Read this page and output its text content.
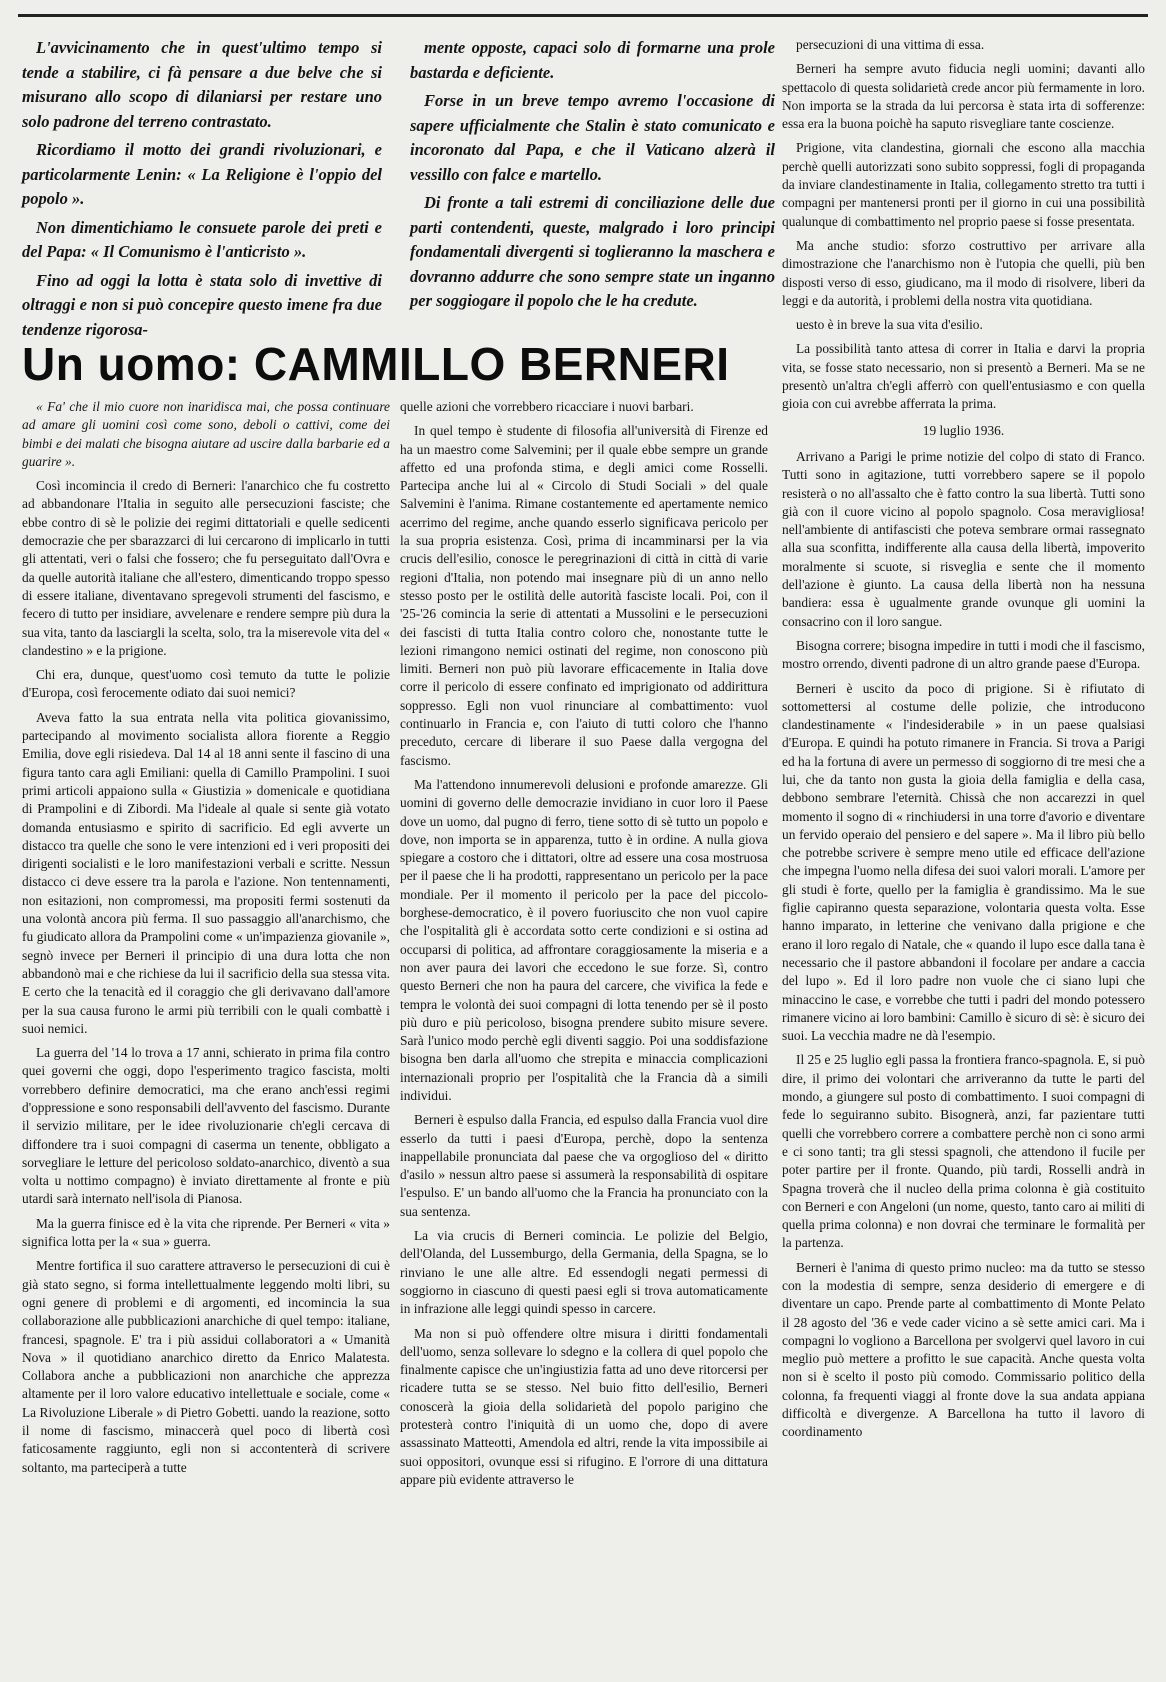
L'avvicinamento che in quest'ultimo tempo si tende a stabilire, ci fà pensare a due belve che si misurano allo scopo di dilaniarsi per restare uno solo padrone del terreno contrastato.

Ricordiamo il motto dei grandi rivoluzionari, e particolarmente Lenin: « La Religione è l'oppio del popolo ».

Non dimentichiamo le consuete parole dei preti e del Papa: « Il Comunismo è l'anticristo ».

Fino ad oggi la lotta è stata solo di invettive di oltraggi e non si può concepire questo imene fra due tendenze rigorosa-

mente opposte, capaci solo di formarne una prole bastarda e deficiente.

Forse in un breve tempo avremo l'occasione di sapere ufficialmente che Stalin è stato comunicato e incoronato dal Papa, e che il Vaticano alzerà il vessillo con falce e martello.

Di fronte a tali estremi di conciliazione delle due parti contendenti, queste, malgrado i loro principi fondamentali divergenti si toglieranno la maschera e dovranno addurre che sono sempre state un inganno per soggiogare il popolo che le ha credute.

persecuzioni di una vittima di essa.

Berneri ha sempre avuto fiducia negli uomini; davanti allo spettacolo di questa solidarietà crede ancor più fermamente in loro. Non importa se la strada da lui percorsa è stata irta di sofferenze: essa era la buona poichè ha saputo risvegliare tante coscienze.

Prigione, vita clandestina, giornali che escono alla macchia perchè quelli autorizzati sono subito soppressi, fogli di propaganda da inviare clandestinamente in Italia, collegamento stretto tra tutti i compagni per mantenersi pronti per il giorno in cui una possibilità qualunque di combattimento nel proprio paese si fosse presentata.

Ma anche studio: sforzo costruttivo per arrivare alla dimostrazione che l'anarchismo non è l'utopia che quelli, più ben disposti verso di esso, giudicano, ma il modo di risolvere, liberi da leggi e da autorità, i problemi della nostra vita quotidiana.

uesto è in breve la sua vita d'esilio.

La possibilità tanto attesa di correr in Italia e darvi la propria vita, se fosse stato necessario, non si presentò a Berneri. Ma se ne presentò un'altra ch'egli afferrò con quell'entusiasmo e con quella gioia con cui avrebbe afferrata la prima.

19 luglio 1936.

Arrivano a Parigi le prime notizie del colpo di stato di Franco. Tutti sono in agitazione, tutti vorrebbero sapere se il popolo resisterà o no all'assalto che è fatto contro la sua libertà. Tutti sono già con il cuore vicino al popolo spagnolo. Cosa meravigliosa! nell'ambiente di antifascisti che poteva sembrare ormai rassegnato alla sua sconfitta, indifferente alla causa della libertà, impoverito moralmente si scuote, si risveglia e sente che il momento dell'azione è giunto. La causa della libertà non ha nessuna bandiera: essa è ugualmente grande ovunque gli uomini la consacrino con il loro sangue.

Bisogna correre; bisogna impedire in tutti i modi che il fascismo, mostro orrendo, diventi padrone di un altro grande paese d'Europa.

Berneri è uscito da poco di prigione. Si è rifiutato di sottomettersi al costume delle polizie, che introducono clandestinamente « l'indesiderabile » in un paese qualsiasi d'Europa. E quindi ha potuto rimanere in Francia. Si trova a Parigi ed ha la fortuna di avere un permesso di soggiorno di tre mesi che a lui, che da tanto non gusta la gioia della famiglia e della casa, debbono sembrare l'eternità. Chissà che non accarezzi in quel momento il sogno di « rinchiudersi in una torre d'avorio e diventare un fervido operaio del pensiero e del sapere ». Ma il libro più bello che potrebbe scrivere è sempre meno utile ed efficace dell'azione che impegna l'uomo nella difesa dei suoi valori morali. L'amore per gli studi è forte, quello per la famiglia è grandissimo. Ma le sue figlie capiranno questa separazione, volontaria questa volta. Esse hanno imparato, in letterine che venivano dalla prigione e che erano il loro regalo di Natale, che « quando il lupo esce dalla tana è necessario che il pastore abbandoni il focolare per andare a caccia del lupo ». Ed il loro padre non vuole che ci siano lupi che minaccino le case, e vorrebbe che tutti i padri del mondo potessero rimanere vicino ai loro bambini: Camillo è sicuro di sè: è sicuro dei suoi. La vecchia madre ne dà l'esempio.

Il 25 e 25 luglio egli passa la frontiera franco-spagnola. E, si può dire, il primo dei volontari che arriveranno da tutte le parti del mondo, a giungere sul posto di combattimento. I suoi compagni di fede lo seguiranno subito. Bisognerà, anzi, far pazientare tutti quelli che vorrebbero correre a combattere perchè non ci sono armi e ci sono tanti; tra gli stessi spagnoli, che attendono il fucile per poter partire per il fronte. Quando, più tardi, Rosselli andrà in Spagna troverà che il nucleo della prima colonna è già costituito con Berneri e con Angeloni (un nome, questo, tanto caro ai militi di quella prima colonna) e non dovrai che terminare le formalità per la partenza.

Berneri è l'anima di questo primo nucleo: ma da tutto se stesso con la modestia di sempre, senza desiderio di emergere e di diventare un capo. Prende parte al combattimento di Monte Pelato il 28 agosto del '36 e vede cader vicino a sè sette amici cari. Ma i compagni lo vogliono a Barcellona per svolgervi quel lavoro in cui meglio può mettere a profitto le sue capacità. Anche questa volta non si è scelto il posto più comodo. Commissario politico della colonna, fa frequenti viaggi al fronte dove la sua andata appiana difficoltà e divergenze. A Barcellona ha tutto il lavoro di coordinamento

Un uomo: CAMMILLO BERNERI

« Fa' che il mio cuore non inaridisca mai, che possa continuare ad amare gli uomini così come sono, deboli o cattivi, come dei bimbi e dei malati che bisogna aiutare ad uscire dalla barbarie ed a guarire ».

Così incomincia il credo di Berneri: l'anarchico che fu costretto ad abbandonare l'Italia in seguito alle persecuzioni fasciste; che ebbe contro di sè le polizie dei regimi dittatoriali e quelle sedicenti democrazie che per sbarazzarci di lui cercarono di implicarlo in tutti gli attentati, veri o falsi che fossero; che fu perseguitato dall'Ovra e da quelle autorità italiane che all'estero, dimenticando troppo spesso di essere italiane, diventavano spregevoli strumenti del fascismo, e fecero di tutto per insidiare, avvelenare e rendere sempre più dura la sua vita, tanto da lasciargli la scelta, solo, tra la miserevole vita del « clandestino » e la prigione.

Chi era, dunque, quest'uomo così temuto da tutte le polizie d'Europa, così ferocemente odiato dai suoi nemici?

Aveva fatto la sua entrata nella vita politica giovanissimo, partecipando al movimento socialista allora fiorente a Reggio Emilia, dove egli risiedeva. Dal 14 al 18 anni sente il fascino di una figura tanto cara agli Emiliani: quella di Camillo Prampolini. I suoi primi articoli appaiono sulla « Giustizia » domenicale e quotidiana di Prampolini e di Zibordi. Ma l'ideale al quale si sente già votato domanda entusiasmo e spirito di sacrificio. Ed egli avverte un distacco tra quelle che sono le vere intenzioni ed i veri propositi dei dirigenti socialisti e le loro manifestazioni verbali e scritte. Nessun distacco ci deve essere tra la parola e l'azione. Non tentennamenti, non esitazioni, non compromessi, ma propositi fermi sostenuti da una volontà ancora più ferma. Il suo passaggio all'anarchismo, che fu giudicato allora da Prampolini come « un'impazienza giovanile », segnò invece per Berneri il principio di una dura lotta che non abbandonò mai e che richiese da lui il sacrificio della sua stessa vita. E certo che la tenacità ed il coraggio che gli derivavano dall'amore per la sua causa furono le armi più terribili con le quali combattè i suoi nemici.

La guerra del '14 lo trova a 17 anni, schierato in prima fila contro quei governi che oggi, dopo l'esperimento tragico fascista, molti vorrebbero definire democratici, ma che erano anch'essi regimi d'oppressione e sono responsabili dell'avvento del fascismo. Durante il servizio militare, per le idee rivoluzionarie ch'egli cercava di diffondere tra i suoi compagni di caserma un tenente, obbligato a sorvegliare le letture del pericoloso soldato-anarchico, diventò a sua volta u nottimo compagno) è inviato direttamente al fronte e più utardi sarà internato nell'isola di Pianosa.

Ma la guerra finisce ed è la vita che riprende. Per Berneri « vita » significa lotta per la « sua » guerra.

Mentre fortifica il suo carattere attraverso le persecuzioni di cui è già stato segno, si forma intellettualmente leggendo molti libri, su ogni genere di problemi e di argomenti, ed incomincia la sua collaborazione alle pubblicazioni anarchiche di quel tempo: italiane, francesi, spagnole. E' tra i più assidui collaboratori a « Umanità Nova » il quotidiano anarchico diretto da Enrico Malatesta. Collabora anche a pubblicazioni non anarchiche che apprezza altamente per il loro valore educativo intellettuale e sociale, come « La Rivoluzione Liberale » di Pietro Gobetti. uando la reazione, sotto il nome di fascismo, minaccerà quel poco di libertà così faticosamente raggiunto, egli non si accontenterà di scrivere soltanto, ma parteciperà a tutte

quelle azioni che vorrebbero ricacciare i nuovi barbari.

In quel tempo è studente di filosofia all'università di Firenze ed ha un maestro come Salvemini; per il quale ebbe sempre un grande affetto ed una profonda stima, e degli amici come Rosselli. Partecipa anche lui al « Circolo di Studi Sociali » del quale Salvemini è l'anima. Rimane costantemente ed apertamente nemico acerrimo del regime, anche quando esserlo significava pericolo per la sua propria esistenza. Così, prima di incamminarsi per la via crucis dell'esilio, conosce le peregrinazioni di città in città di varie regioni d'Italia, non potendo mai insegnare più di un anno nello stesso posto per le ostilità delle autorità fasciste locali. Poi, con il '25-'26 comincia la serie di attentati a Mussolini e le persecuzioni dei fascisti di tutta Italia contro coloro che, nonostante tutte le lezioni rimangono nemici ostinati del regime, non conoscono più limiti. Berneri non può più lavorare efficacemente in Italia dove corre il pericolo di essere confinato ed imprigionato od addirittura soppresso. Egli non vuol rinunciare al combattimento: vuol continuarlo in Francia e, con l'aiuto di tutti coloro che l'hanno preceduto, cercare di liberare il suo Paese dalla vergogna del fascismo.

Ma l'attendono innumerevoli delusioni e profonde amarezze. Gli uomini di governo delle democrazie invidiano in cuor loro il Paese dove un uomo, dal pugno di ferro, tiene sotto di sè tutto un popolo e dove, non importa se in apparenza, tutto è in ordine. A nulla giova spiegare a costoro che i dittatori, oltre ad essere una cosa mostruosa per il paese che li ha prodotti, rappresentano un pericolo per la pace mondiale. Per il momento il pericolo per la pace del piccolo-borghese-democratico, è il povero fuoriuscito che non vuol capire che l'ospitalità gli è accordata sotto certe condizioni e si ostina ad occuparsi di politica, ad affrontare coraggiosamente la miseria e a non aver paura dei lavori che eccedono le sue forze. Sì, contro questo Berneri che non ha paura del carcere, che vivifica la fede e tempra le volontà dei suoi compagni di lotta tenendo per sè il posto più duro e più pericoloso, bisogna prendere subito misure severe. Sarà l'unico modo perchè egli diventi saggio. Poi una soddisfazione bisogna ben darla all'uomo che strepita e minaccia complicazioni internazionali proprio per l'ospitalità che la Francia dà a simili individui.

Berneri è espulso dalla Francia, ed espulso dalla Francia vuol dire esserlo da tutti i paesi d'Europa, perchè, dopo la sentenza inappellabile pronunciata dal paese che va orgoglioso del « diritto d'asilo » nessun altro paese si assumerà la responsabilità di ospitare l'espulso. E' un bando all'uomo che la Francia ha pronunciato con la sua sentenza.

La via crucis di Berneri comincia. Le polizie del Belgio, dell'Olanda, del Lussemburgo, della Germania, della Spagna, se lo rinviano le une alle altre. Ed essendogli negati permessi di soggiorno in ciascuno di questi paesi egli si trova automaticamente in infrazione alle leggi quindi spesso in carcere.

Ma non si può offendere oltre misura i diritti fondamentali dell'uomo, senza sollevare lo sdegno e la collera di quel popolo che finalmente capisce che un'ingiustizia fatta ad uno deve ritorcersi per ricadere tutta se se stesso. Nel buio fitto dell'esilio, Berneri conoscerà la gioia della solidarietà del popolo parigino che protesterà contro l'iniquità di un uomo che, dopo di avere assassinato Matteotti, Amendola ed altri, rende la vita impossibile ai suoi oppositori, ovunque essi si rifugino. E l'orrore di una dittatura appare più evidente attraverso le
